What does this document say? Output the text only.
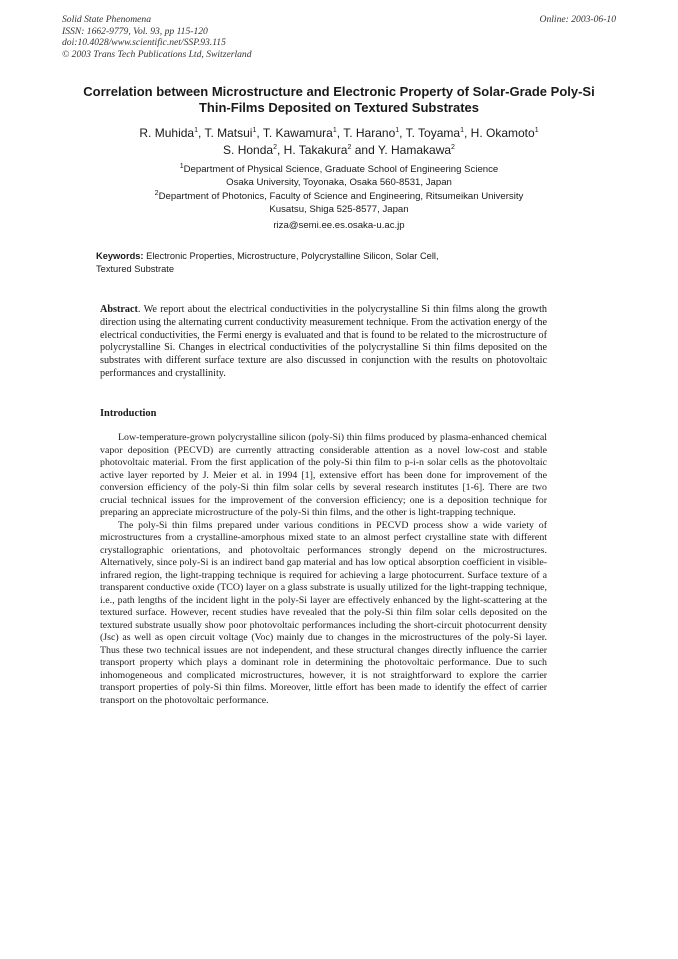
Solid State Phenomena
ISSN: 1662-9779, Vol. 93, pp 115-120
doi:10.4028/www.scientific.net/SSP.93.115
© 2003 Trans Tech Publications Ltd, Switzerland
Online: 2003-06-10
Correlation between Microstructure and Electronic Property of Solar-Grade Poly-Si Thin-Films Deposited on Textured Substrates
R. Muhida$^1$, T. Matsui$^1$, T. Kawamura$^1$, T. Harano$^1$, T. Toyama$^1$, H. Okamoto$^1$
S. Honda$^2$, H. Takakura$^2$ and Y. Hamakawa$^2$
$^1$Department of Physical Science, Graduate School of Engineering Science
Osaka University, Toyonaka, Osaka 560-8531, Japan
$^2$Department of Photonics, Faculty of Science and Engineering, Ritsumeikan University
Kusatsu, Shiga 525-8577, Japan
riza@semi.ee.es.osaka-u.ac.jp
Keywords: Electronic Properties, Microstructure, Polycrystalline Silicon, Solar Cell, Textured Substrate
Abstract. We report about the electrical conductivities in the polycrystalline Si thin films along the growth direction using the alternating current conductivity measurement technique. From the activation energy of the electrical conductivities, the Fermi energy is evaluated and that is found to be related to the microstructure of polycrystalline Si. Changes in electrical conductivities of the polycrystalline Si thin films deposited on the substrates with different surface texture are also discussed in conjunction with the results on photovoltaic performances and crystallinity.
Introduction

Low-temperature-grown polycrystalline silicon (poly-Si) thin films produced by plasma-enhanced chemical vapor deposition (PECVD) are currently attracting considerable attention as a novel low-cost and stable photovoltaic material. From the first application of the poly-Si thin film to p-i-n solar cells as the photovoltaic active layer reported by J. Meier et al. in 1994 [1], extensive effort has been done for improvement of the conversion efficiency of the poly-Si thin film solar cells by several research institutes [1-6]. There are two crucial technical issues for the improvement of the conversion efficiency; one is a deposition technique for preparing an appreciate microstructure of the poly-Si thin films, and the other is light-trapping technique.

The poly-Si thin films prepared under various conditions in PECVD process show a wide variety of microstructures from a crystalline-amorphous mixed state to an almost perfect crystalline state with different crystallographic orientations, and photovoltaic performances strongly depend on the microstructures. Alternatively, since poly-Si is an indirect band gap material and has low optical absorption coefficient in visible-infrared region, the light-trapping technique is required for achieving a large photocurrent. Surface texture of a transparent conductive oxide (TCO) layer on a glass substrate is usually utilized for the light-trapping technique, i.e., path lengths of the incident light in the poly-Si layer are effectively enhanced by the light-scattering at the textured surface. However, recent studies have revealed that the poly-Si thin film solar cells deposited on the textured substrate usually show poor photovoltaic performances including the short-circuit photocurrent density (Jsc) as well as open circuit voltage (Voc) mainly due to changes in the microstructures of the poly-Si layer. Thus these two technical issues are not independent, and these structural changes directly influence the carrier transport property which plays a dominant role in determining the photovoltaic performance. Due to such inhomogeneous and complicated microstructures, however, it is not straightforward to explore the carrier transport properties of poly-Si thin films. Moreover, little effort has been made to identify the effect of carrier transport on the photovoltaic performance.
